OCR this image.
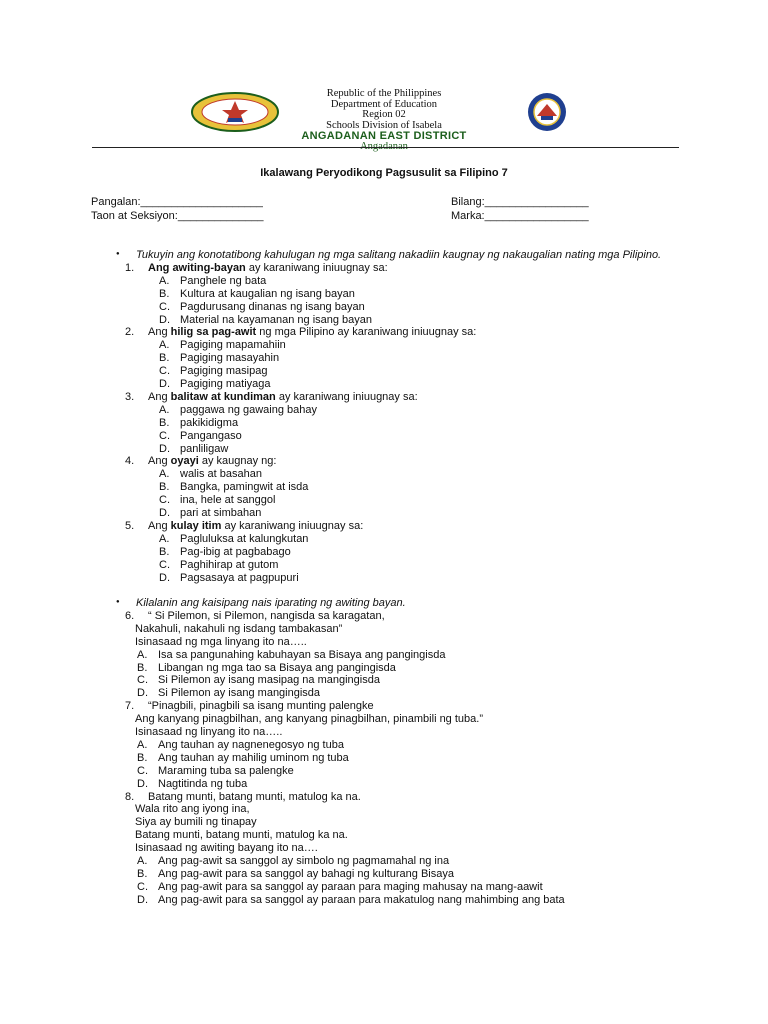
Republic of the Philippines
Department of Education
Region 02
Schools Division of Isabela
ANGADANAN EAST DISTRICT
Angadanan
Ikalawang Peryodikong Pagsusulit sa Filipino 7
Pangalan:____________________
Taon at Seksiyon:______________
Bilang:_________________
Marka:_________________
● Tukuyin ang konotatibong kahulugan ng mga salitang nakadiin kaugnay ng nakaugalian nating mga Pilipino.
1. Ang awiting-bayan ay karaniwang iniuugnay sa:
A. Panghele ng bata
B. Kultura at kaugalian ng isang bayan
C. Pagdurusang dinanas ng isang bayan
D. Material na kayamanan ng isang bayan
2. Ang hilig sa pag-awit ng mga Pilipino ay karaniwang iniuugnay sa:
A. Pagiging mapamahiin
B. Pagiging masayahin
C. Pagiging masipag
D. Pagiging matiyaga
3. Ang balitaw at kundiman ay karaniwang iniuugnay sa:
A. paggawa ng gawaing bahay
B. pakikidigma
C. Pangangaso
D. panliligaw
4. Ang oyayi ay kaugnay ng:
A. walis at basahan
B. Bangka, pamingwit at isda
C. ina, hele at sanggol
D. pari at simbahan
5. Ang kulay itim ay karaniwang iniuugnay sa:
A. Pagluluksa at kalungkutan
B. Pag-ibig at pagbabago
C. Paghihirap at gutom
D. Pagsasaya at pagpupuri
● Kilalanin ang kaisipang nais iparating ng awiting bayan.
6. “ Si Pilemon, si Pilemon, nangisda sa karagatan,
Nakahuli, nakahuli ng isdang tambakasan”
Isinasaad ng mga linyang ito na…..
A. Isa sa pangunahing kabuhayan sa Bisaya ang pangingisda
B. Libangan ng mga tao sa Bisaya ang pangingisda
C. Si Pilemon ay isang masipag na mangingisda
D. Si Pilemon ay isang mangingisda
7. “Pinagbili, pinagbili sa isang munting palengke
Ang kanyang pinagbilhan, ang kanyang pinagbilhan, pinambili ng tuba.”
Isinasaad ng linyang ito na…..
A. Ang tauhan ay nagnenegosyo ng tuba
B. Ang tauhan ay mahilig uminom ng tuba
C. Maraming tuba sa palengke
D. Nagtitinda ng tuba
8. Batang munti, batang munti, matulog ka na.
Wala rito ang iyong ina,
Siya ay bumili ng tinapay
Batang munti, batang munti, matulog ka na.
Isinasaad ng awiting bayang ito na….
A. Ang pag-awit sa sanggol ay simbolo ng pagmamahal ng ina
B. Ang pag-awit para sa sanggol ay bahagi ng kulturang Bisaya
C. Ang pag-awit para sa sanggol ay paraan para maging mahusay na mang-aawit
D. Ang pag-awit para sa sanggol ay paraan para makatulog nang mahimbing ang bata
